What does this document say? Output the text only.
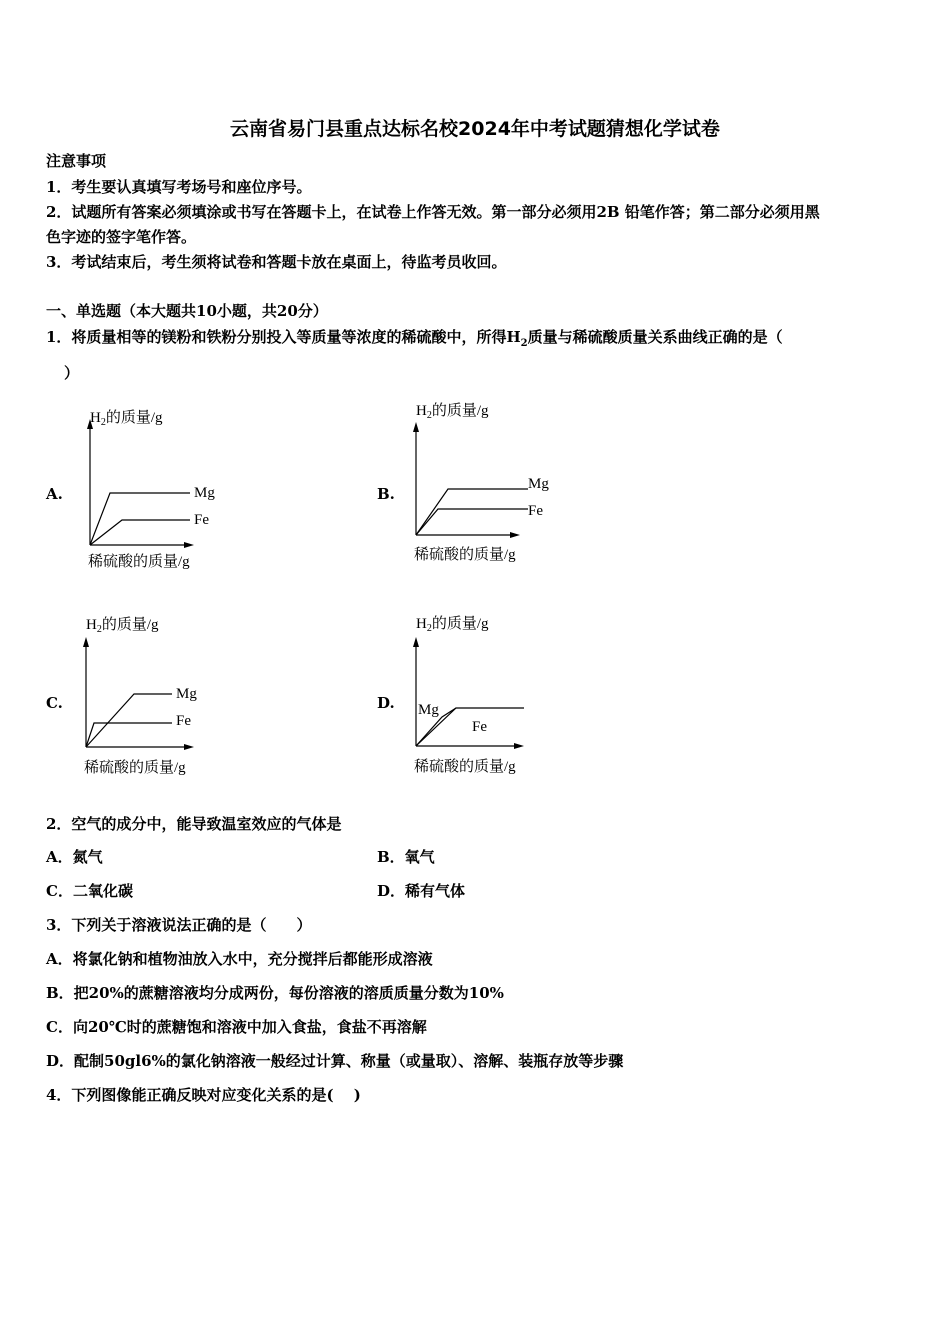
云南省易门县重点达标名校2024年中考试题猜想化学试卷
注意事项
1．考生要认真填写考场号和座位序号。
2．试题所有答案必须填涂或书写在答题卡上，在试卷上作答无效。第一部分必须用2B 铅笔作答；第二部分必须用黑
色字迹的签字笔作答。
3．考试结束后，考生须将试卷和答题卡放在桌面上，待监考员收回。
一、单选题（本大题共10小题，共20分）
1．将质量相等的镁粉和铁粉分别投入等质量等浓度的稀硫酸中，所得$H_2$质量与稀硫酸质量关系曲线正确的是（
）
A.	B.
C.	D.
$H_2$的质量/g
稀硫酸的质量/g
Mg
Fe
$H_2$的质量/g
稀硫酸的质量/g
Mg
Fe
$H_2$的质量/g
稀硫酸的质量/g
Mg
Fe
$H_2$的质量/g
稀硫酸的质量/g
Mg
Fe
2．空气的成分中，能导致温室效应的气体是
A．氮气	B．氧气
C．二氧化碳	D．稀有气体
3．下列关于溶液说法正确的是（　　）
A．将氯化钠和植物油放入水中，充分搅拌后都能形成溶液
B．把20%的蔗糖溶液均分成两份，每份溶液的溶质质量分数为10%
C．向20℃时的蔗糖饱和溶液中加入食盐，食盐不再溶解
D．配制50gl6%的氯化钠溶液一般经过计算、称量（或量取）、溶解、装瓶存放等步骤
4．下列图像能正确反映对应变化关系的是(　 )
